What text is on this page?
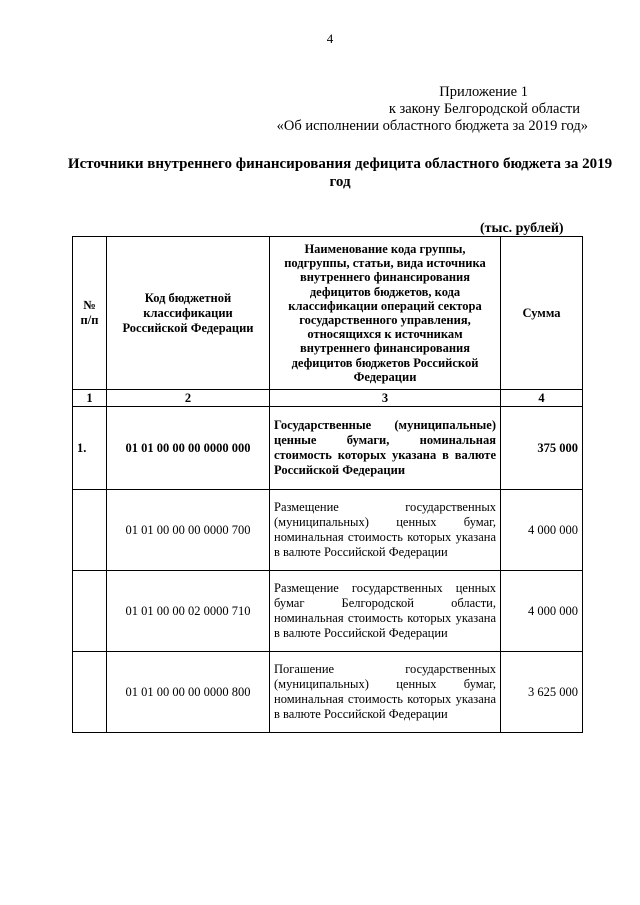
4
Приложение 1
к закону Белгородской области
«Об исполнении областного бюджета за 2019 год»
Источники внутреннего финансирования дефицита областного бюджета за 2019 год
(тыс. рублей)
№ п/п	Код бюджетной классификации Российской Федерации	Наименование кода группы, подгруппы, статьи, вида источника внутреннего финансирования дефицитов бюджетов, кода классификации операций сектора государственного управления, относящихся к источникам внутреннего финансирования дефицитов бюджетов Российской Федерации	Сумма
1	2	3	4
1.	01 01 00 00 00 0000 000	Государственные (муниципальные) ценные бумаги, номинальная стоимость которых указана в валюте Российской Федерации	375 000
	01 01 00 00 00 0000 700	Размещение государственных (муниципальных) ценных бумаг, номинальная стоимость которых указана в валюте Российской Федерации	4 000 000
	01 01 00 00 02 0000 710	Размещение государственных ценных бумаг Белгородской области, номинальная стоимость которых указана в валюте Российской Федерации	4 000 000
	01 01 00 00 00 0000 800	Погашение государственных (муниципальных) ценных бумаг, номинальная стоимость которых указана в валюте Российской Федерации	3 625 000
